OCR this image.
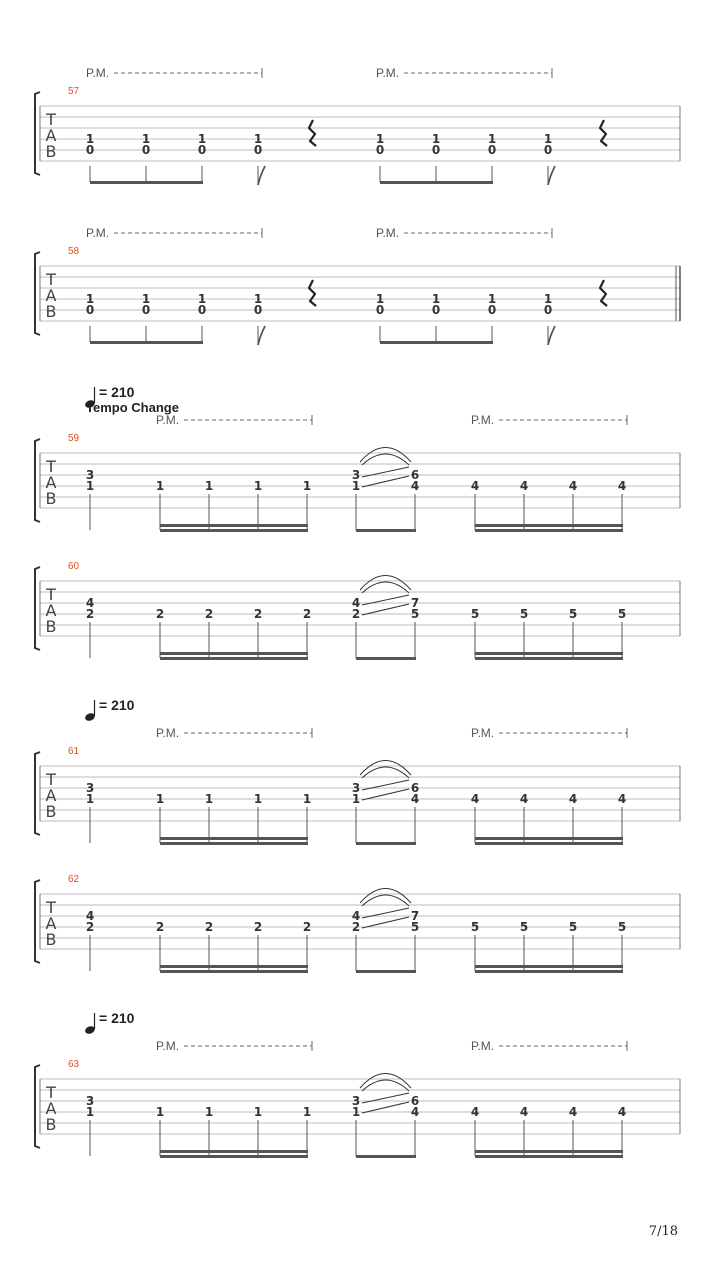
7/18
T
A
B
57
P.M.	P.M.
1
0
1
0
1
0
1
0
1
0
1
0
1
0
1
0
T
A
B
58
P.M.	P.M.
1
0
1
0
1
0
1
0
1
0
1
0
1
0
1
0
T
A
B
59
P.M.	P.M.
= 210
Tempo Change
3
1	1	1	1	1
3
1
6
4	4	4	4	4
T
A
B
60
4
2	2	2	2	2
4
2
7
5	5	5	5	5
T
A
B
61
P.M.	P.M.
= 210
3
1	1	1	1	1
3
1
6
4	4	4	4	4
T
A
B
62
4
2	2	2	2	2
4
2
7
5	5	5	5	5
T
A
B
63
P.M.	P.M.
= 210
3
1	1	1	1	1
3
1
6
4	4	4	4	4
